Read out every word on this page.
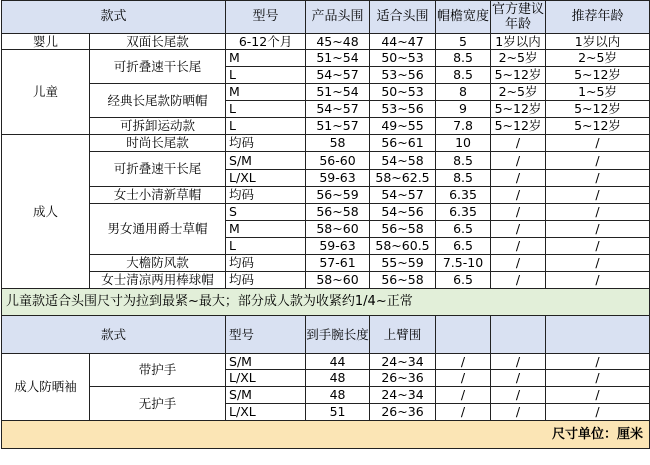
款式		型号	产品头围	适合头围	帽檐宽度	官方建议年龄	推荐年龄
婴儿	双面长尾款	6-12个月	45~48	44~47	5	1岁以内	1岁以内
儿童	可折叠速干长尾	M	51~54	50~53	8.5	2~5岁	2~5岁
		L	54~57	53~56	8.5	5~12岁	5~12岁
	经典长尾款防晒帽	M	51~54	50~53	8	2~5岁	1~5岁
		L	54~57	53~56	9	5~12岁	5~12岁
	可拆卸运动款	L	51~57	49~55	7.8	5~12岁	5~12岁
成人	时尚长尾款	均码	58	56~61	10	/	/
	可折叠速干长尾	S/M	56-60	54~58	8.5	/	/
		L/XL	59-63	58~62.5	8.5	/	/
	女士小清新草帽	均码	56~59	54~57	6.35	/	/
	男女通用爵士草帽	S	56~58	54~56	6.35	/	/
		M	58~60	56~58	6.5	/	/
		L	59-63	58~60.5	6.5	/	/
	大檐防风款	均码	57-61	55~59	7.5-10	/	/
	女士清凉两用棒球帽	均码	58~60	56~58	6.5	/	/
儿童款适合头围尺寸为拉到最紧~最大；部分成人款为收紧约1/4~正常							
款式		型号	到手腕长度	上臂围			
成人防晒袖	带护手	S/M	44	24~34	/	/	/
		L/XL	48	26~36	/	/	/
	无护手	S/M	48	24~34	/	/	/
		L/XL	51	26~36	/	/	/
尺寸单位：厘米							
